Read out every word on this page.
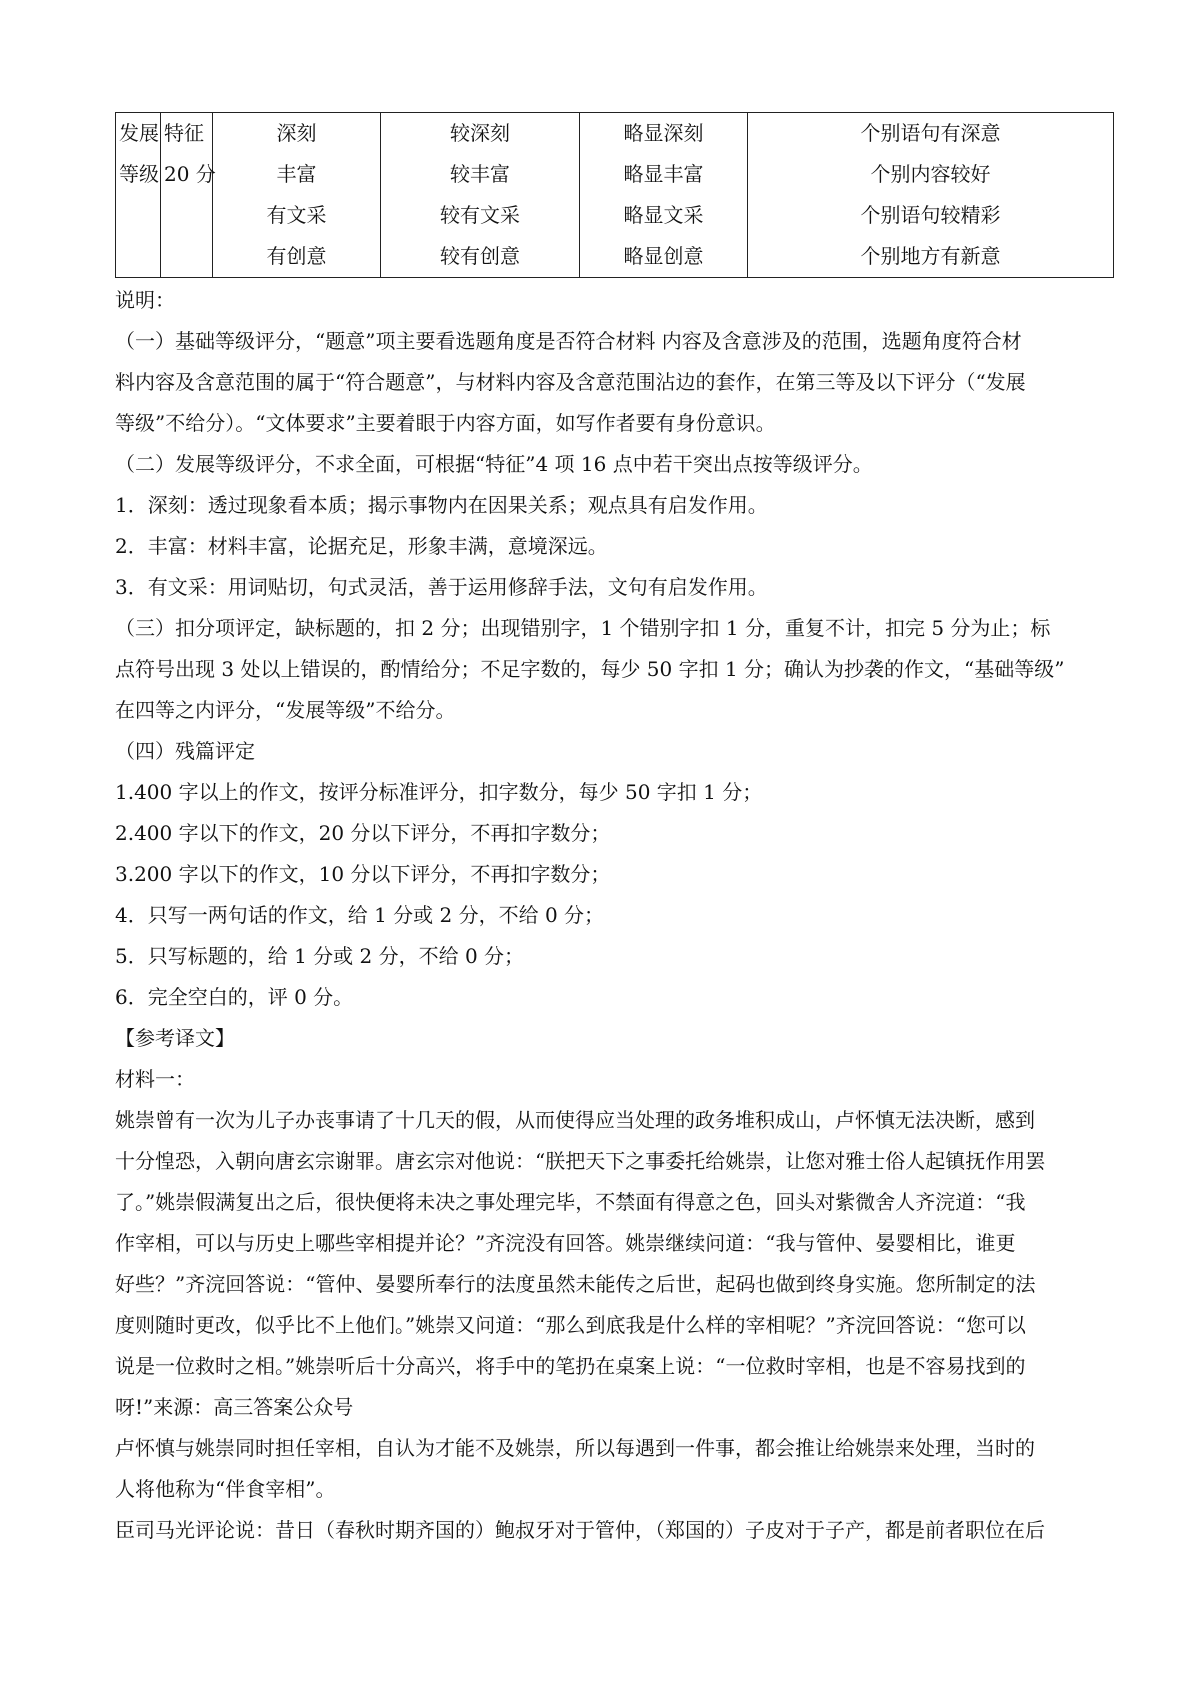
发展
等级

特征
20 分

深刻
丰富
有文采
有创意

较深刻
较丰富
较有文采
较有创意

略显深刻
略显丰富
略显文采
略显创意

个别语句有深意
个别内容较好
个别语句较精彩
个别地方有新意
说明：
（一）基础等级评分，“题意”项主要看选题角度是否符合材料 内容及含意涉及的范围，选题角度符合材
料内容及含意范围的属于“符合题意”，与材料内容及含意范围沾边的套作，在第三等及以下评分（“发展
等级”不给分）。“文体要求”主要着眼于内容方面，如写作者要有身份意识。
（二）发展等级评分，不求全面，可根据“特征”4 项 16 点中若干突出点按等级评分。
1．深刻：透过现象看本质；揭示事物内在因果关系；观点具有启发作用。
2．丰富：材料丰富，论据充足，形象丰满，意境深远。
3．有文采：用词贴切，句式灵活，善于运用修辞手法，文句有启发作用。
（三）扣分项评定，缺标题的，扣 2 分；出现错别字，1 个错别字扣 1 分，重复不计，扣完 5 分为止；标
点符号出现 3 处以上错误的，酌情给分；不足字数的，每少 50 字扣 1 分；确认为抄袭的作文，“基础等级”
在四等之内评分，“发展等级”不给分。
（四）残篇评定
1.400 字以上的作文，按评分标准评分，扣字数分，每少 50 字扣 1 分；
2.400 字以下的作文，20 分以下评分，不再扣字数分；
3.200 字以下的作文，10 分以下评分，不再扣字数分；
4．只写一两句话的作文，给 1 分或 2 分，不给 0 分；
5．只写标题的，给 1 分或 2 分，不给 0 分；
6．完全空白的，评 0 分。
【参考译文】
材料一：
姚崇曾有一次为儿子办丧事请了十几天的假，从而使得应当处理的政务堆积成山，卢怀慎无法决断，感到
十分惶恐，入朝向唐玄宗谢罪。唐玄宗对他说：“朕把天下之事委托给姚崇，让您对雅士俗人起镇抚作用罢
了。”姚崇假满复出之后，很快便将未决之事处理完毕，不禁面有得意之色，回头对紫微舍人齐浣道：“我
作宰相，可以与历史上哪些宰相提并论？”齐浣没有回答。姚崇继续问道：“我与管仲、晏婴相比，谁更
好些？”齐浣回答说：“管仲、晏婴所奉行的法度虽然未能传之后世，起码也做到终身实施。您所制定的法
度则随时更改，似乎比不上他们。”姚崇又问道：“那么到底我是什么样的宰相呢？”齐浣回答说：“您可以
说是一位救时之相。”姚崇听后十分高兴，将手中的笔扔在桌案上说：“一位救时宰相，也是不容易找到的
呀!”来源：高三答案公众号
卢怀慎与姚崇同时担任宰相，自认为才能不及姚崇，所以每遇到一件事，都会推让给姚崇来处理，当时的
人将他称为“伴食宰相”。
臣司马光评论说：昔日（春秋时期齐国的）鲍叔牙对于管仲，（郑国的）子皮对于子产，都是前者职位在后
